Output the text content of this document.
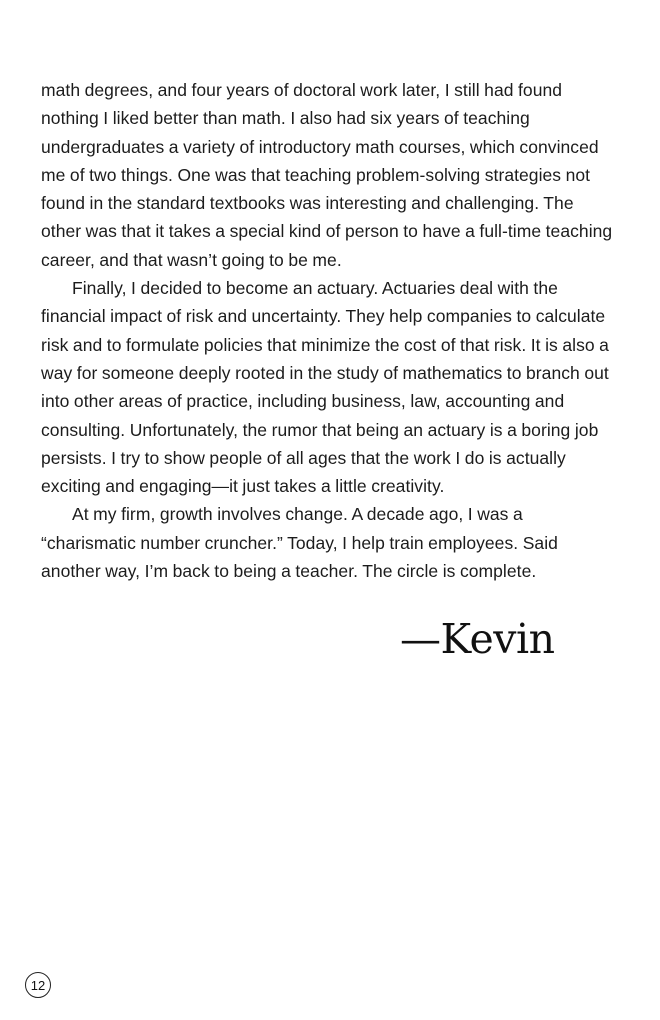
math degrees, and four years of doctoral work later, I still had found nothing I liked better than math. I also had six years of teaching undergraduates a variety of introductory math courses, which convinced me of two things. One was that teaching problem-solving strategies not found in the standard textbooks was interesting and challenging. The other was that it takes a special kind of person to have a full-time teaching career, and that wasn’t going to be me.

Finally, I decided to become an actuary. Actuaries deal with the financial impact of risk and uncertainty. They help companies to calculate risk and to formulate policies that minimize the cost of that risk. It is also a way for someone deeply rooted in the study of mathematics to branch out into other areas of practice, including business, law, accounting and consulting. Unfortunately, the rumor that being an actuary is a boring job persists. I try to show people of all ages that the work I do is actually exciting and engaging—it just takes a little creativity.

At my firm, growth involves change. A decade ago, I was a “charismatic number cruncher.” Today, I help train employees. Said another way, I’m back to being a teacher. The circle is complete.

—Kevin
12
